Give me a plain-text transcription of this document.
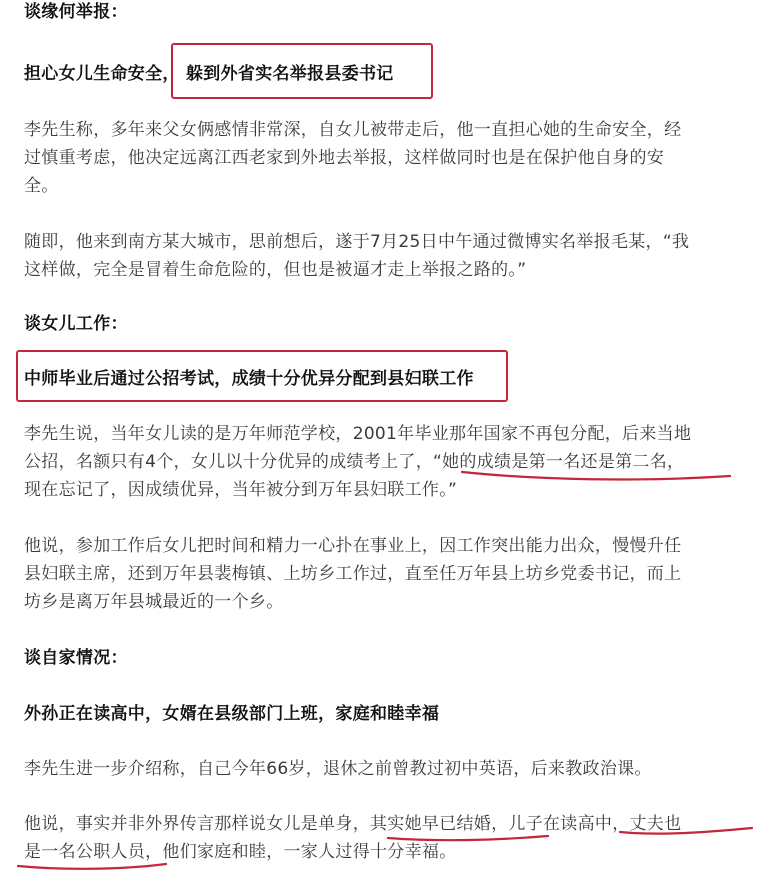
谈缘何举报：
担心女儿生命安全， 躲到外省实名举报县委书记
李先生称，多年来父女俩感情非常深，自女儿被带走后，他一直担心她的生命安全，经
过慎重考虑，他决定远离江西老家到外地去举报，这样做同时也是在保护他自身的安
全。
随即，他来到南方某大城市，思前想后，遂于7月25日中午通过微博实名举报毛某，“我
这样做，完全是冒着生命危险的，但也是被逼才走上举报之路的。”
谈女儿工作：
中师毕业后通过公招考试，成绩十分优异分配到县妇联工作
李先生说，当年女儿读的是万年师范学校，2001年毕业那年国家不再包分配，后来当地
公招，名额只有4个，女儿以十分优异的成绩考上了，“她的成绩是第一名还是第二名，
现在忘记了，因成绩优异，当年被分到万年县妇联工作。”
他说，参加工作后女儿把时间和精力一心扑在事业上，因工作突出能力出众，慢慢升任
县妇联主席，还到万年县裴梅镇、上坊乡工作过，直至任万年县上坊乡党委书记，而上
坊乡是离万年县城最近的一个乡。
谈自家情况：
外孙正在读高中，女婿在县级部门上班，家庭和睦幸福
李先生进一步介绍称，自己今年66岁，退休之前曾教过初中英语，后来教政治课。
他说，事实并非外界传言那样说女儿是单身，其实她早已结婚，儿子在读高中，丈夫也
是一名公职人员，他们家庭和睦，一家人过得十分幸福。
